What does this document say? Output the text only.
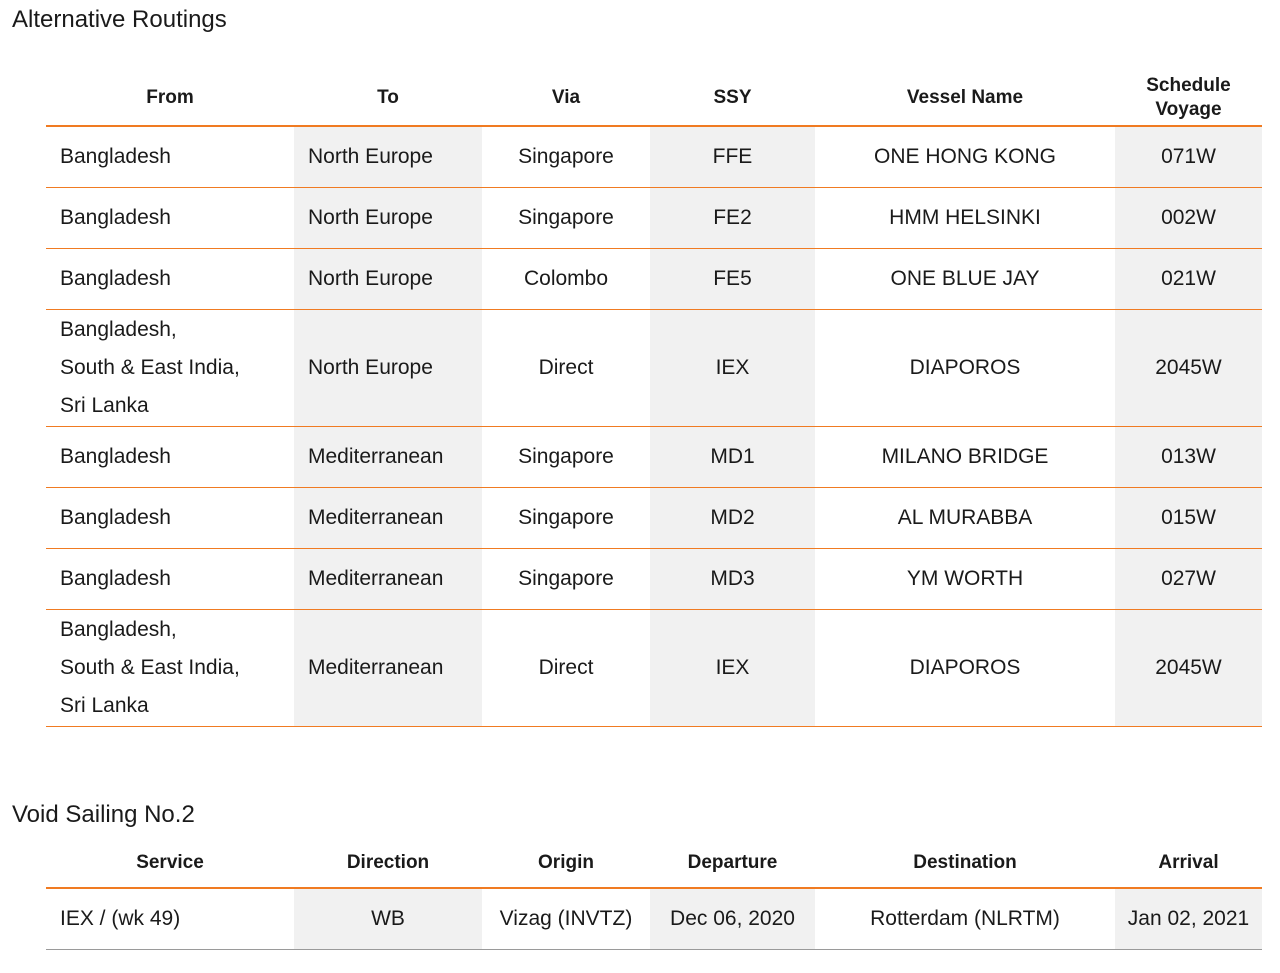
Alternative Routings
From	To	Via	SSY	Vessel Name	Schedule
Voyage

Bangladesh	North Europe	Singapore	FFE	ONE HONG KONG	071W

Bangladesh	North Europe	Singapore	FE2	HMM HELSINKI	002W

Bangladesh	North Europe	Colombo	FE5	ONE BLUE JAY	021W

Bangladesh,
South & East India,
Sri Lanka	North Europe	Direct	IEX	DIAPOROS	2045W

Bangladesh	Mediterranean	Singapore	MD1	MILANO BRIDGE	013W

Bangladesh	Mediterranean	Singapore	MD2	AL MURABBA	015W

Bangladesh	Mediterranean	Singapore	MD3	YM WORTH	027W

Bangladesh,
South & East India,
Sri Lanka	Mediterranean	Direct	IEX	DIAPOROS	2045W
Void Sailing No.2
Service	Direction	Origin	Departure	Destination	Arrival
IEX / (wk 49)	WB	Vizag (INVTZ)	Dec 06, 2020	Rotterdam (NLRTM)	Jan 02, 2021
